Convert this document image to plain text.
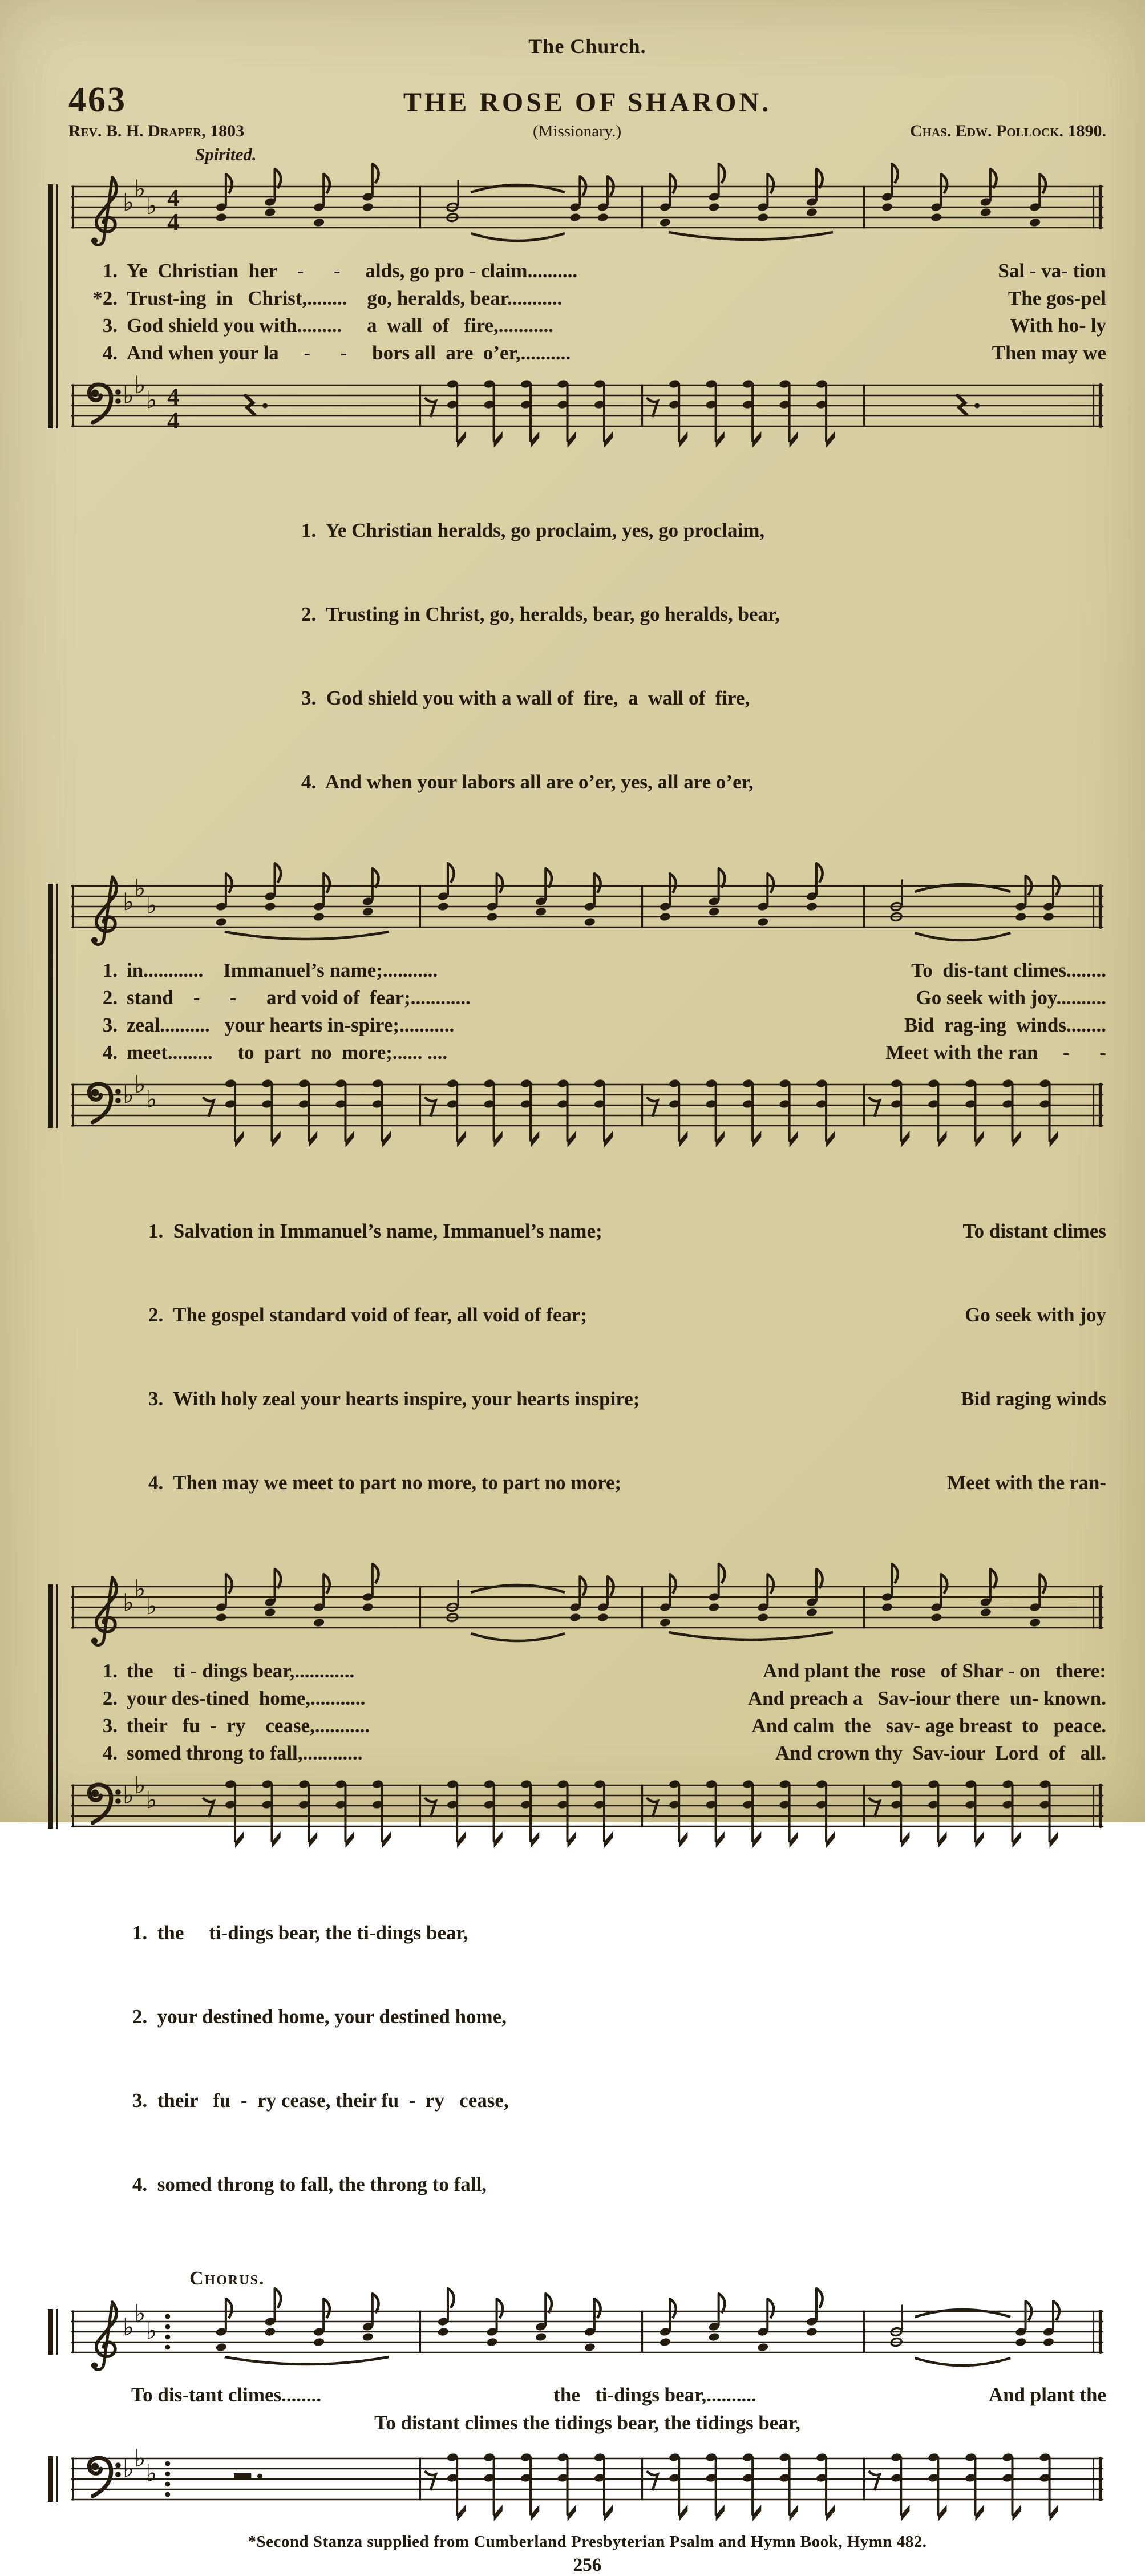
The Church.
463	THE ROSE OF SHARON.
Rev. B. H. Draper, 1803	(Missionary.)	Chas. Edw. Pollock. 1890.
Spirited.
♭ ♭
♭ 4
4
1. Ye  Christian  her    -      -     alds, go pro - claim..........	Sal - va- tion
*2. Trust-ing  in   Christ,........    go, heralds, bear...........	The gos-pel
3. God shield you with.........     a  wall  of   fire,...........	With ho- ly
4. And when your la     -      -     bors all  are  o’er,..........	Then may we
♭ ♭
♭ 4
4

1.  Ye Christian heralds, go proclaim, yes, go proclaim,

2.  Trusting in Christ, go, heralds, bear, go heralds, bear,

3.  God shield you with a wall of  fire,  a  wall of  fire,

4.  And when your labors all are o’er, yes, all are o’er,

♭ ♭
♭
1. in............    Immanuel’s name;...........	To  dis-tant climes........
2. stand    -      -      ard void of  fear;............	Go seek with joy..........
3. zeal..........   your hearts in-spire;...........	Bid  rag-ing  winds........
4. meet.........     to  part  no  more;...... ....	Meet with the ran     -      -
♭ ♭
♭

1.  Salvation in Immanuel’s name, Immanuel’s name;	To distant climes

2.  The gospel standard void of fear, all void of fear;	Go seek with joy

3.  With holy zeal your hearts inspire, your hearts inspire;	Bid raging winds

4.  Then may we meet to part no more, to part no more;	Meet with the ran-

♭ ♭
♭
1. the    ti - dings bear,............	And plant the  rose   of Shar - on   there:
2. your des-tined  home,...........	And preach a   Sav-iour there  un- known.
3. their   fu  -  ry    cease,...........	And calm  the   sav- age breast  to   peace.
4. somed throng to fall,............	And crown thy  Sav-iour  Lord  of   all.
♭ ♭
♭

1.  the     ti-dings bear, the ti-dings bear,

2.  your destined home, your destined home,

3.  their   fu  -  ry cease, their fu  -  ry   cease,

4.  somed throng to fall, the throng to fall,

Chorus.
♭ ♭
♭
To dis-tant climes........	the   ti-dings bear,..........	And plant the
To distant climes the tidings bear, the tidings bear,
♭ ♭
♭
*Second Stanza supplied from Cumberland Presbyterian Psalm and Hymn Book, Hymn 482.
256
